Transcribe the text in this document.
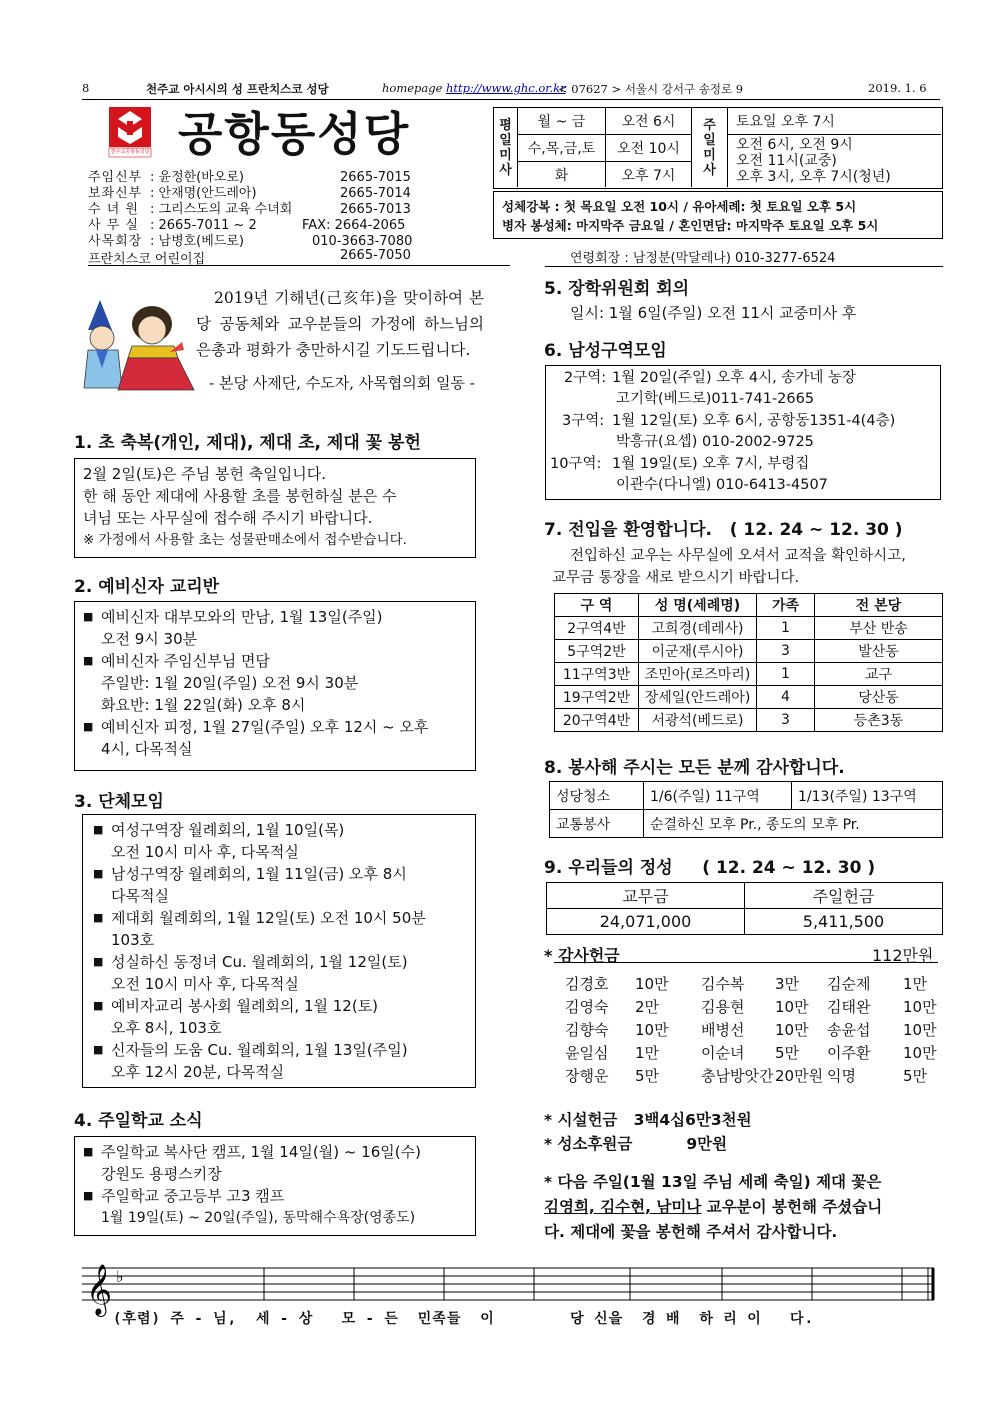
8	천주교 아시시의 성 프란치스코 성당	homepage http://www.ghc.or.kr
< 07627 > 서울시 강서구 송정로 9	2019. 1. 6
천주교공항동성당 공항동성당
주임신부 : 윤정한(바오로)	2665-7015
보좌신부 : 안재명(안드레아)	2665-7014
수 녀 원 : 그리스도의 교육 수녀회	2665-7013
사 무 실 : 2665-7011 ~ 2	FAX: 2664-2065
사목회장 : 남병호(베드로)	010-3663-7080
프란치스코 어린이집	2665-7050
평
일
미
사
월 ~ 금	오전 6시
수,목,금,토	오전 10시
화	오후 7시
주
일
미
사
토요일 오후 7시
오전 6시, 오전 9시
오전 11시(교중)
오후 3시, 오후 7시(청년)
성체강복 : 첫 목요일 오전 10시 / 유아세례: 첫 토요일 오후 5시
병자 봉성체: 마지막주 금요일 / 혼인면담: 마지막주 토요일 오후 5시
연령회장 : 남정분(막달레나) 010-3277-6524
2019년 기해년(己亥年)을 맞이하여 본당 공동체와 교우분들의 가정에 하느님의 은총과 평화가 충만하시길 기도드립니다.
- 본당 사제단, 수도자, 사목협의회 일동 -
1. 초 축복(개인, 제대), 제대 초, 제대 꽃 봉헌
2월 2일(토)은 주님 봉헌 축일입니다.
한 해 동안 제대에 사용할 초를 봉헌하실 분은 수
녀님 또는 사무실에 접수해 주시기 바랍니다.
※ 가정에서 사용할 초는 성물판매소에서 접수받습니다.
2. 예비신자 교리반
■ 예비신자 대부모와의 만남, 1월 13일(주일)
오전 9시 30분
■ 예비신자 주임신부님 면담
주일반: 1월 20일(주일) 오전 9시 30분
화요반: 1월 22일(화) 오후 8시
■ 예비신자 피정, 1월 27일(주일) 오후 12시 ~ 오후
4시, 다목적실
3. 단체모임
■ 여성구역장 월례회의, 1월 10일(목)
오전 10시 미사 후, 다목적실
■ 남성구역장 월례회의, 1월 11일(금) 오후 8시
다목적실
■ 제대회 월례회의, 1월 12일(토) 오전 10시 50분
103호
■ 성실하신 동정녀 Cu. 월례회의, 1월 12일(토)
오전 10시 미사 후, 다목적실
■ 예비자교리 봉사회 월례회의, 1월 12(토)
오후 8시, 103호
■ 신자들의 도움 Cu. 월례회의, 1월 13일(주일)
오후 12시 20분, 다목적실
4. 주일학교 소식
■ 주일학교 복사단 캠프, 1월 14일(월) ~ 16일(수)
강원도 용평스키장
■ 주일학교 중고등부 고3 캠프
1월 19일(토) ~ 20일(주일), 동막해수욕장(영종도)
5. 장학위원회 회의
일시: 1월 6일(주일) 오전 11시 교중미사 후
6. 남성구역모임
2구역: 1월 20일(주일) 오후 4시, 송가네 농장
고기학(베드로)011-741-2665
3구역: 1월 12일(토) 오후 6시, 공항동1351-4(4층)
박흥규(요셉) 010-2002-9725
10구역: 1월 19일(토) 오후 7시, 부령집
이관수(다니엘) 010-6413-4507
7. 전입을 환영합니다. ( 12. 24 ~ 12. 30 )
전입하신 교우는 사무실에 오셔서 교적을 확인하시고,
교무금 통장을 새로 받으시기 바랍니다.
구 역	성 명(세례명)	가족	전 본당
2구역4반	고희경(데레사)	1	부산 반송
5구역2반	이군재(루시아)	3	발산동
11구역3반	조민아(로즈마리)	1	교구
19구역2반	장세일(안드레아)	4	당산동
20구역4반	서광석(베드로)	3	등촌3동
8. 봉사해 주시는 모든 분께 감사합니다.
성당청소	1/6(주일) 11구역	1/13(주일) 13구역
교통봉사	순결하신 모후 Pr., 종도의 모후 Pr.	
9. 우리들의 정성 ( 12. 24 ~ 12. 30 )
교무금	주일헌금
24,071,000	5,411,500
* 감사헌금	112만원
김경호 10만 김수복 3만 김순제 1만
김영숙 2만	김용현 10만 김태완 10만
김향숙 10만 배병선 10만 송윤섭 10만
윤일심 1만	이순녀 5만 이주환 10만
장행운 5만	충남방앗간 20만원 익명	5만
* 시설헌금 3백4십6만3천원
* 성소후원금	9만원
* 다음 주일(1월 13일 주님 세례 축일) 제대 꽃은
김영희, 김수현, 남미나 교우분이 봉헌해 주셨습니
다. 제대에 꽃을 봉헌해 주셔서 감사합니다.
𝄞 ♭
(후렴) 주 - 님,  세 - 상   모 - 든  민족들  이        당 신을  경 배  하 리 이   다.
